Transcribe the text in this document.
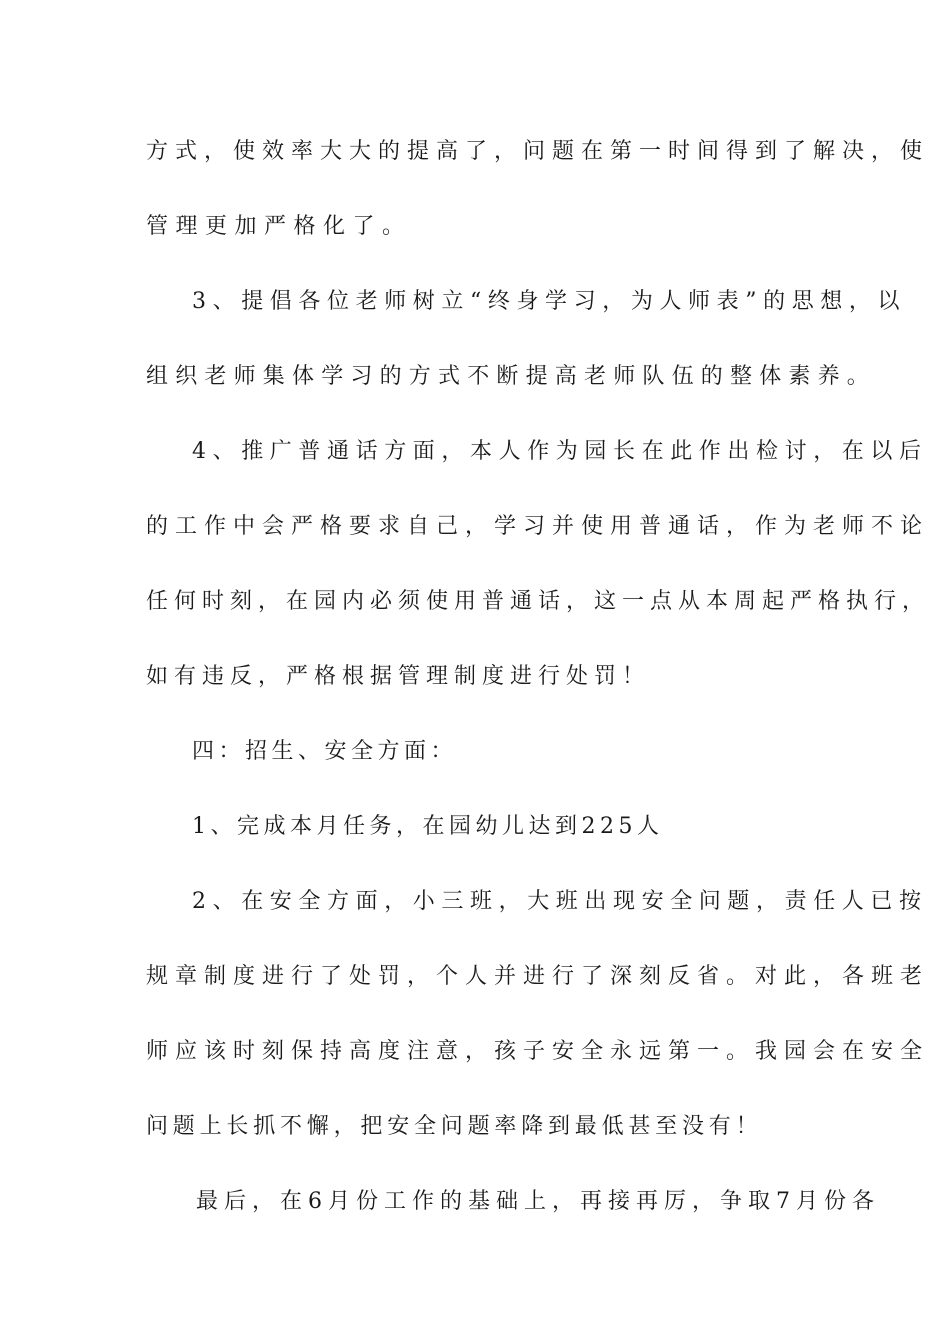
方式，使效率大大的提高了，问题在第一时间得到了解决，使
管理更加严格化了。
3、提倡各位老师树立“终身学习，为人师表”的思想，以
组织老师集体学习的方式不断提高老师队伍的整体素养。
4、推广普通话方面，本人作为园长在此作出检讨，在以后
的工作中会严格要求自己，学习并使用普通话，作为老师不论
任何时刻，在园内必须使用普通话，这一点从本周起严格执行，
如有违反，严格根据管理制度进行处罚！
四：招生、安全方面：
1、完成本月任务，在园幼儿达到225人
2、在安全方面，小三班，大班出现安全问题，责任人已按
规章制度进行了处罚，个人并进行了深刻反省。对此，各班老
师应该时刻保持高度注意，孩子安全永远第一。我园会在安全
问题上长抓不懈，把安全问题率降到最低甚至没有！
最后，在6月份工作的基础上，再接再厉，争取7月份各
